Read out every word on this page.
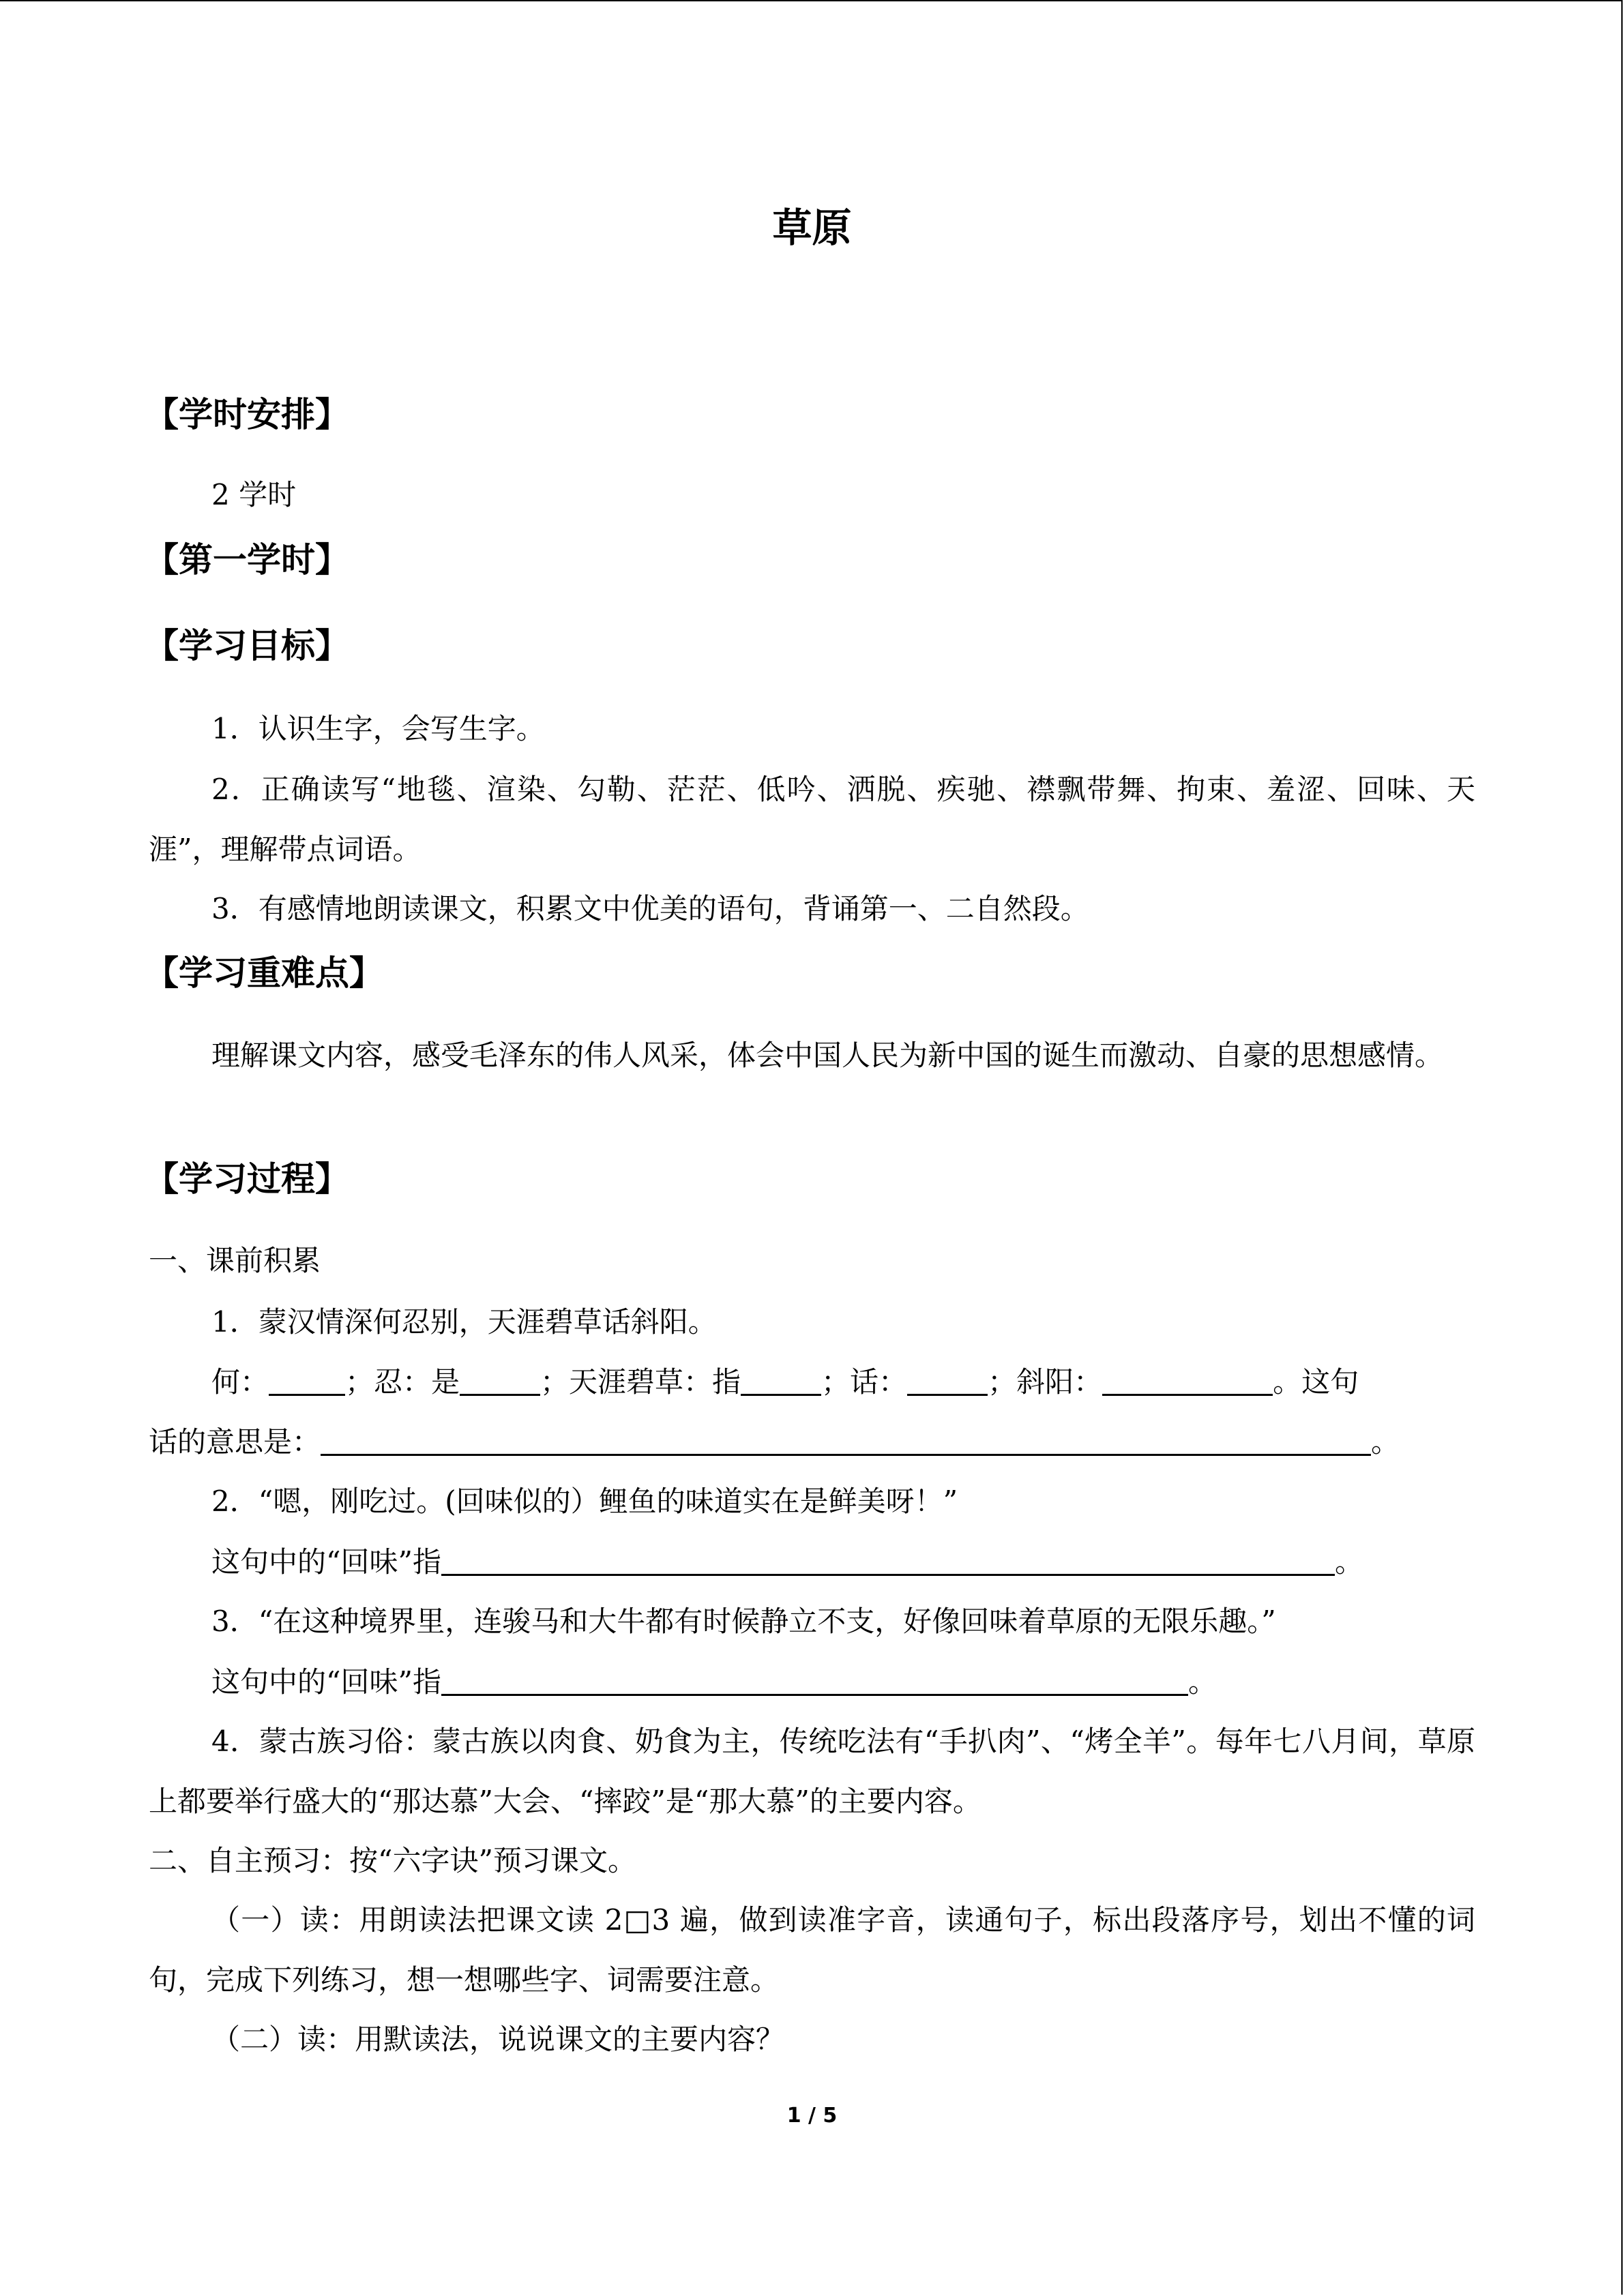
草原
【学时安排】

2 学时

【第一学时】
【学习目标】

1．认识生字，会写生字。

2．正确读写“地毯、渲染、勾勒、茫茫、低吟、洒脱、疾驰、襟飘带舞、拘束、羞涩、回味、天涯”，理解带点词语。

3．有感情地朗读课文，积累文中优美的语句，背诵第一、二自然段。

【学习重难点】

理解课文内容，感受毛泽东的伟人风采，体会中国人民为新中国的诞生而激动、自豪的思想感情。

【学习过程】

一、课前积累

1．蒙汉情深何忍别，天涯碧草话斜阳。

何：	；忍：是	；天涯碧草：指	；话：	；斜阳：	。这句

话的意思是：	。

2．“嗯，刚吃过。(回味似的）鲤鱼的味道实在是鲜美呀！”

这句中的“回味”指	。

3．“在这种境界里，连骏马和大牛都有时候静立不支，好像回味着草原的无限乐趣。”

这句中的“回味”指	。

4．蒙古族习俗：蒙古族以肉食、奶食为主，传统吃法有“手扒肉”、“烤全羊”。每年七八月间，草原上都要举行盛大的“那达慕”大会、“摔跤”是“那大慕”的主要内容。

二、自主预习：按“六字诀”预习课文。

（一）读：用朗读法把课文读 2□3 遍，做到读准字音，读通句子，标出段落序号，划出不懂的词句，完成下列练习，想一想哪些字、词需要注意。

（二）读：用默读法，说说课文的主要内容？

1 / 5
